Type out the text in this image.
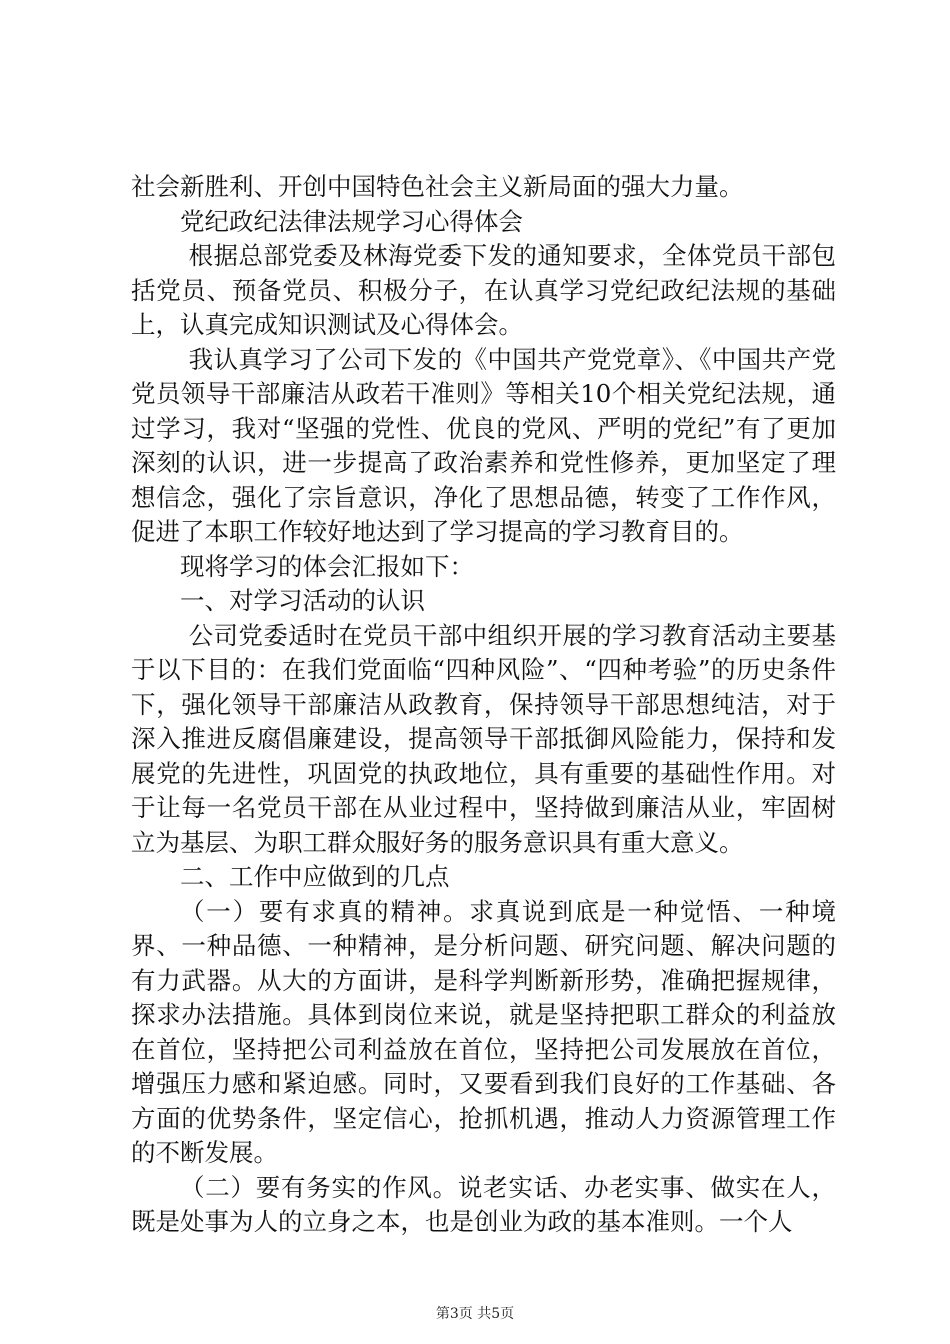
社会新胜利、开创中国特色社会主义新局面的强大力量。

党纪政纪法律法规学习心得体会

根据总部党委及林海党委下发的通知要求，全体党员干部包括党员、预备党员、积极分子，在认真学习党纪政纪法规的基础上，认真完成知识测试及心得体会。

我认真学习了公司下发的《中国共产党党章》、《中国共产党党员领导干部廉洁从政若干准则》等相关10个相关党纪法规，通过学习，我对“坚强的党性、优良的党风、严明的党纪”有了更加深刻的认识，进一步提高了政治素养和党性修养，更加坚定了理想信念，强化了宗旨意识，净化了思想品德，转变了工作作风，促进了本职工作较好地达到了学习提高的学习教育目的。

现将学习的体会汇报如下：

一、对学习活动的认识

公司党委适时在党员干部中组织开展的学习教育活动主要基于以下目的：在我们党面临“四种风险”、“四种考验”的历史条件下，强化领导干部廉洁从政教育，保持领导干部思想纯洁，对于深入推进反腐倡廉建设，提高领导干部抵御风险能力，保持和发展党的先进性，巩固党的执政地位，具有重要的基础性作用。对于让每一名党员干部在从业过程中，坚持做到廉洁从业，牢固树立为基层、为职工群众服好务的服务意识具有重大意义。

二、工作中应做到的几点

（一）要有求真的精神。求真说到底是一种觉悟、一种境界、一种品德、一种精神，是分析问题、研究问题、解决问题的有力武器。从大的方面讲，是科学判断新形势，准确把握规律，探求办法措施。具体到岗位来说，就是坚持把职工群众的利益放在首位，坚持把公司利益放在首位，坚持把公司发展放在首位，增强压力感和紧迫感。同时，又要看到我们良好的工作基础、各方面的优势条件，坚定信心，抢抓机遇，推动人力资源管理工作的不断发展。

（二）要有务实的作风。说老实话、办老实事、做实在人，既是处事为人的立身之本，也是创业为政的基本准则。一个人

第3页 共5页
